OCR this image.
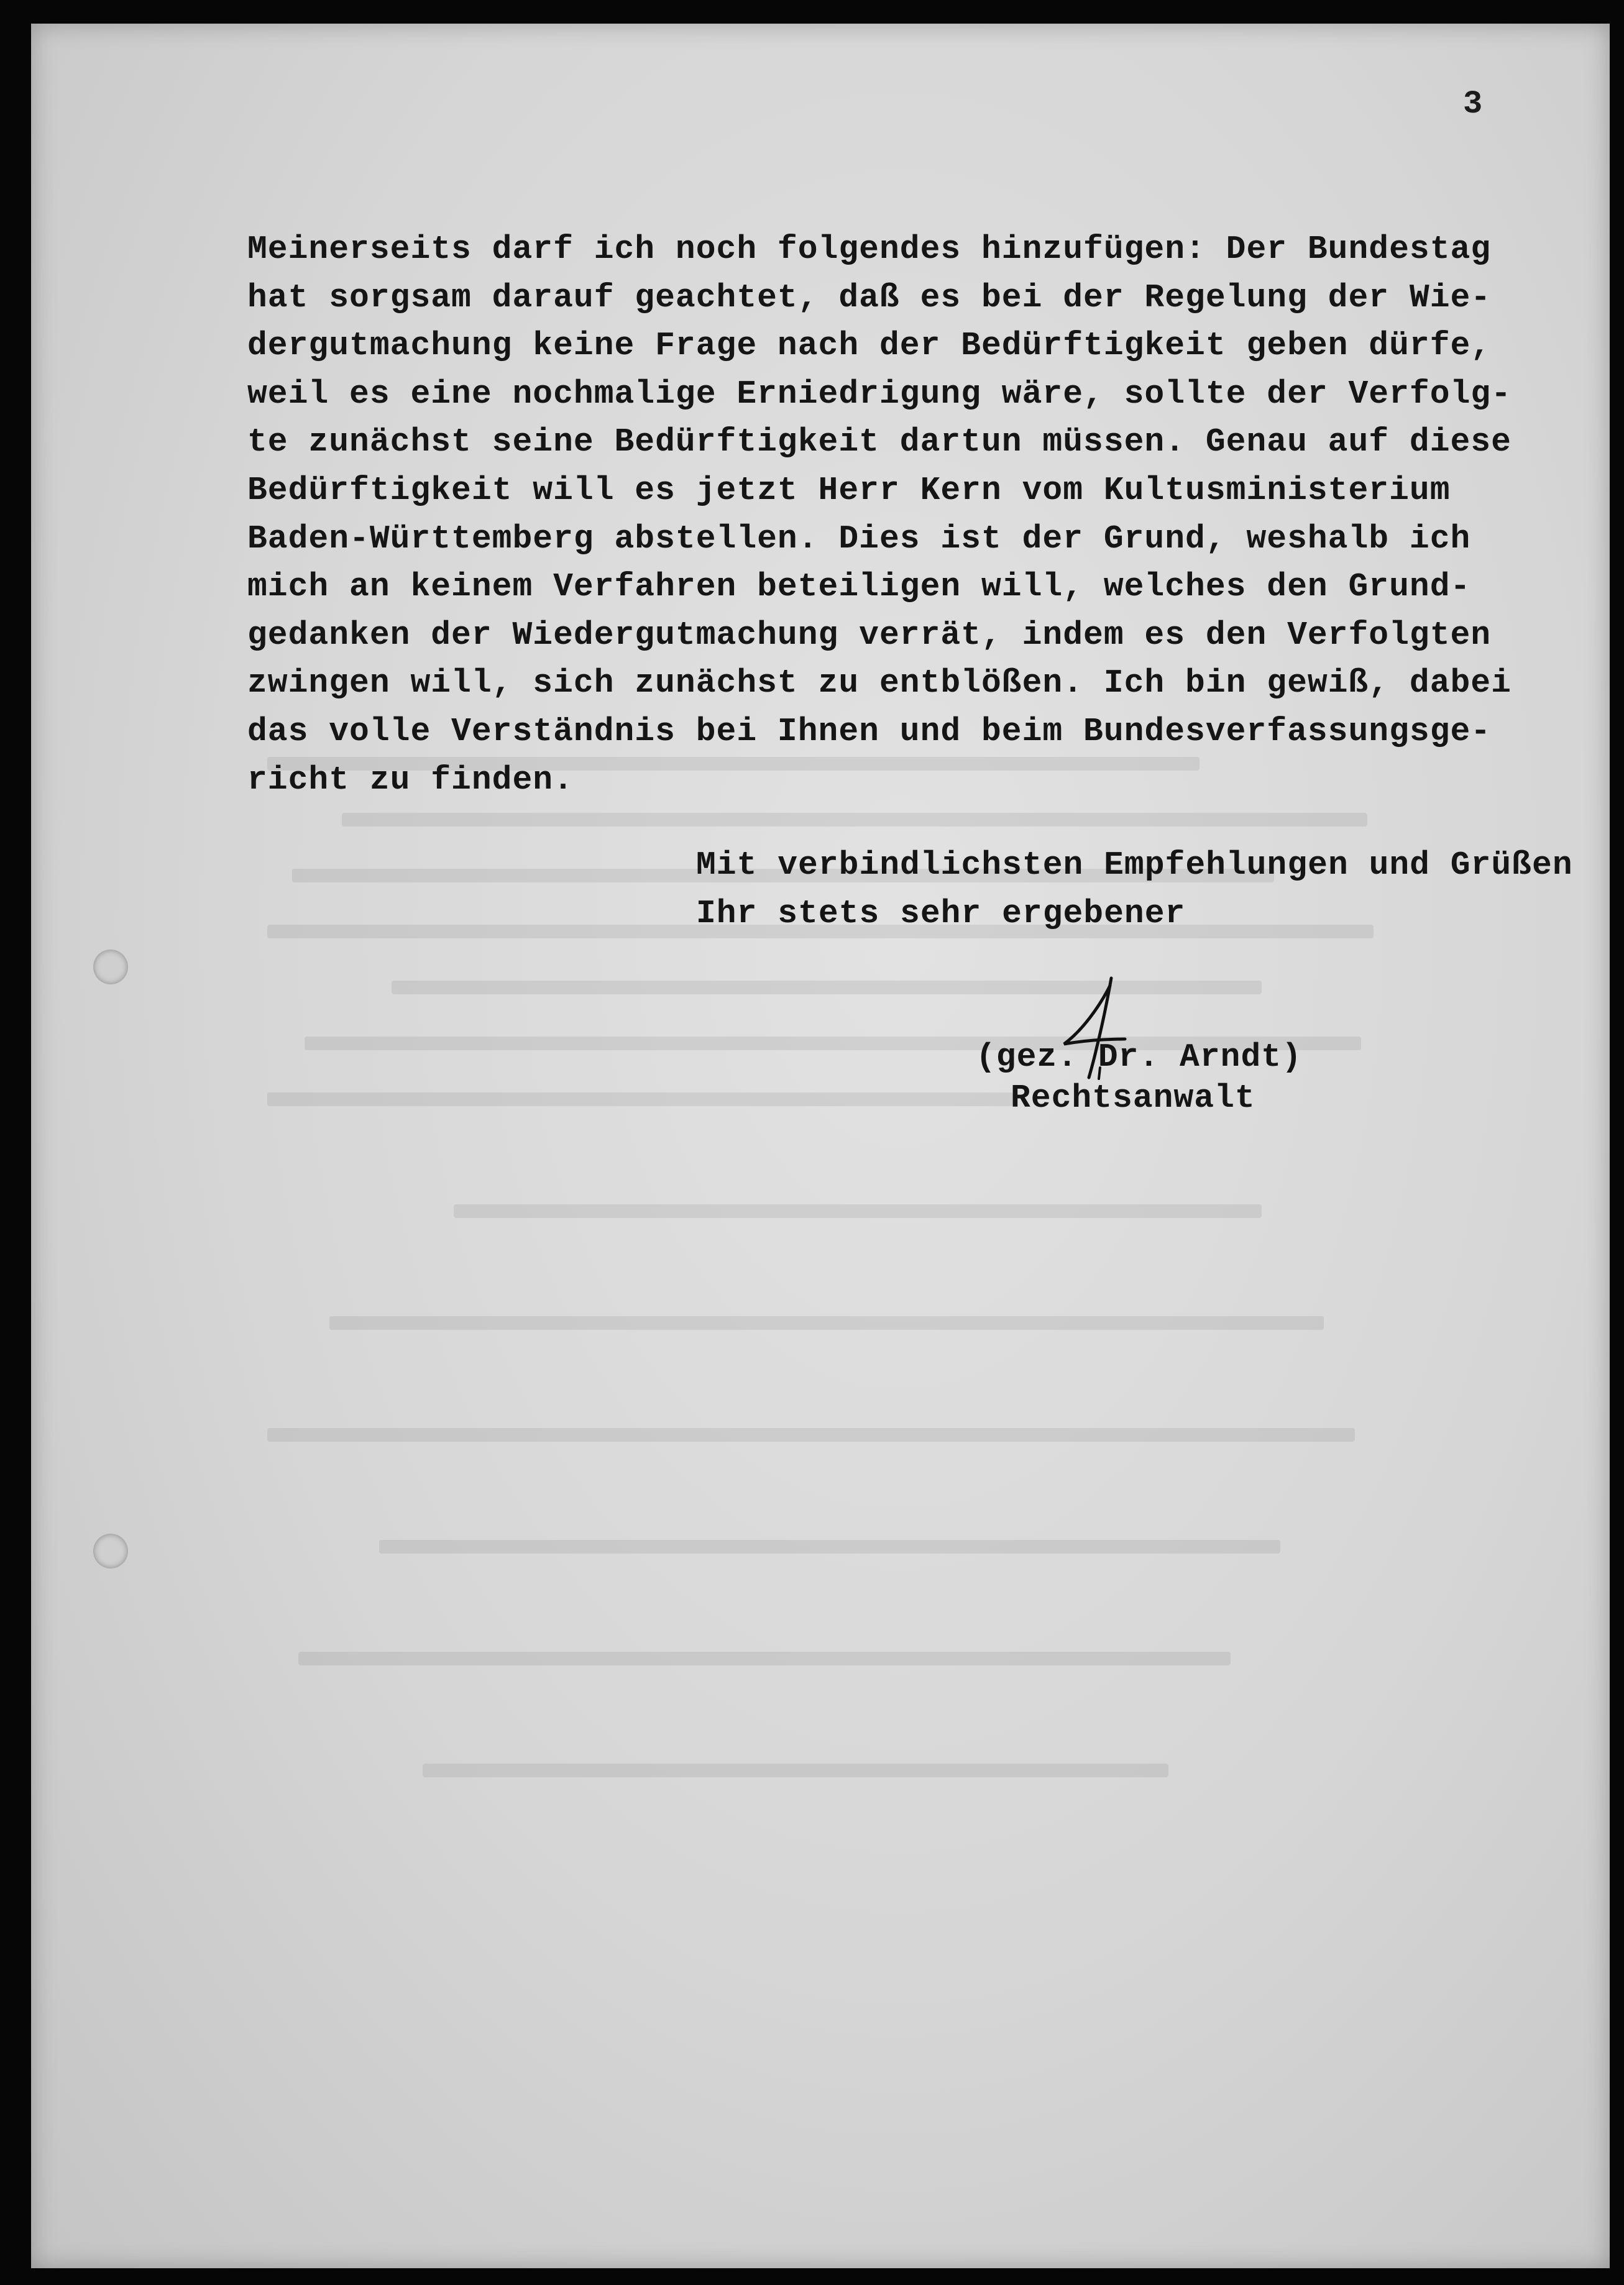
3
Meinerseits darf ich noch folgendes hinzufügen: Der Bundestag
hat sorgsam darauf geachtet, daß es bei der Regelung der Wie-
dergutmachung keine Frage nach der Bedürftigkeit geben dürfe,
weil es eine nochmalige Erniedrigung wäre, sollte der Verfolg-
te zunächst seine Bedürftigkeit dartun müssen. Genau auf diese
Bedürftigkeit will es jetzt Herr Kern vom Kultusministerium
Baden-Württemberg abstellen. Dies ist der Grund, weshalb ich
mich an keinem Verfahren beteiligen will, welches den Grund-
gedanken der Wiedergutmachung verrät, indem es den Verfolgten
zwingen will, sich zunächst zu entblößen. Ich bin gewiß, dabei
das volle Verständnis bei Ihnen und beim Bundesverfassungsge-
richt zu finden.
Mit verbindlichsten Empfehlungen und Grüßen
Ihr stets sehr ergebener
(gez. Dr. Arndt)
Rechtsanwalt
